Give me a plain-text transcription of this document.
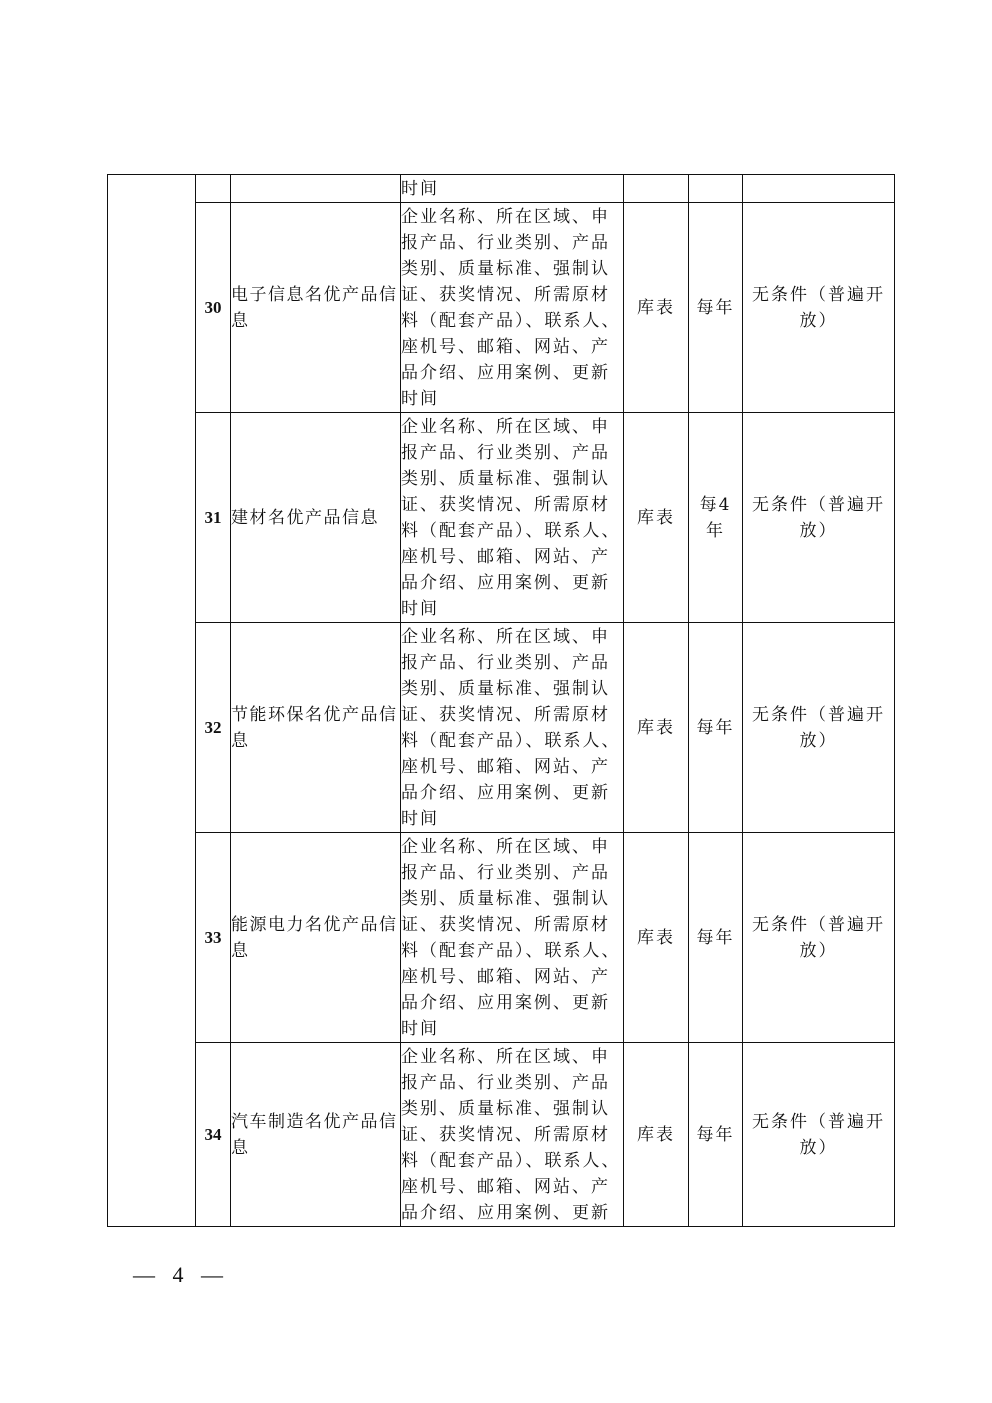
			时间			

	30	电子信息名优产品信息	企业名称、所在区域、申报产品、行业类别、产品类别、质量标准、强制认证、获奖情况、所需原材料（配套产品）、联系人、座机号、邮箱、网站、产品介绍、应用案例、更新时间	库表	每年	无条件（普遍开放）
	31	建材名优产品信息	企业名称、所在区域、申报产品、行业类别、产品类别、质量标准、强制认证、获奖情况、所需原材料（配套产品）、联系人、座机号、邮箱、网站、产品介绍、应用案例、更新时间	库表	每4年	无条件（普遍开放）
	32	节能环保名优产品信息	企业名称、所在区域、申报产品、行业类别、产品类别、质量标准、强制认证、获奖情况、所需原材料（配套产品）、联系人、座机号、邮箱、网站、产品介绍、应用案例、更新时间	库表	每年	无条件（普遍开放）
	33	能源电力名优产品信息	企业名称、所在区域、申报产品、行业类别、产品类别、质量标准、强制认证、获奖情况、所需原材料（配套产品）、联系人、座机号、邮箱、网站、产品介绍、应用案例、更新时间	库表	每年	无条件（普遍开放）
	34	汽车制造名优产品信息	企业名称、所在区域、申报产品、行业类别、产品类别、质量标准、强制认证、获奖情况、所需原材料（配套产品）、联系人、座机号、邮箱、网站、产品介绍、应用案例、更新	库表	每年	无条件（普遍开放）
— 4 —
